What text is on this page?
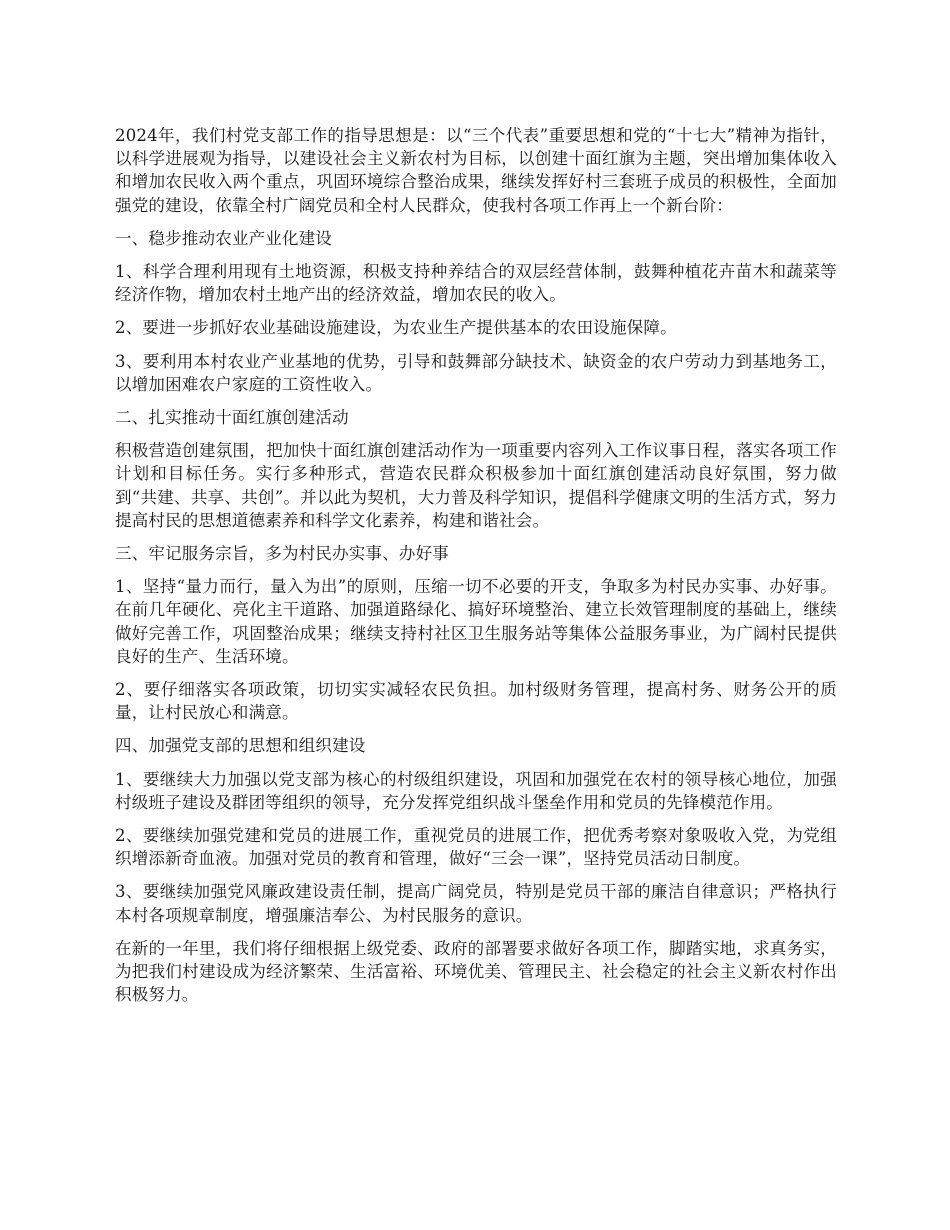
2024年，我们村党支部工作的指导思想是：以“三个代表”重要思想和党的“十七大”精神为指针，以科学进展观为指导，以建设社会主义新农村为目标，以创建十面红旗为主题，突出增加集体收入和增加农民收入两个重点，巩固环境综合整治成果，继续发挥好村三套班子成员的积极性，全面加强党的建设，依靠全村广阔党员和全村人民群众，使我村各项工作再上一个新台阶：

一、稳步推动农业产业化建设

1、科学合理利用现有土地资源，积极支持种养结合的双层经营体制，鼓舞种植花卉苗木和蔬菜等经济作物，增加农村土地产出的经济效益，增加农民的收入。

2、要进一步抓好农业基础设施建设，为农业生产提供基本的农田设施保障。

3、要利用本村农业产业基地的优势，引导和鼓舞部分缺技术、缺资金的农户劳动力到基地务工，以增加困难农户家庭的工资性收入。

二、扎实推动十面红旗创建活动

积极营造创建氛围，把加快十面红旗创建活动作为一项重要内容列入工作议事日程，落实各项工作计划和目标任务。实行多种形式，营造农民群众积极参加十面红旗创建活动良好氛围，努力做到“共建、共享、共创”。并以此为契机，大力普及科学知识，提倡科学健康文明的生活方式，努力提高村民的思想道德素养和科学文化素养，构建和谐社会。

三、牢记服务宗旨，多为村民办实事、办好事

1、坚持“量力而行，量入为出”的原则，压缩一切不必要的开支，争取多为村民办实事、办好事。在前几年硬化、亮化主干道路、加强道路绿化、搞好环境整治、建立长效管理制度的基础上，继续做好完善工作，巩固整治成果；继续支持村社区卫生服务站等集体公益服务事业，为广阔村民提供良好的生产、生活环境。

2、要仔细落实各项政策，切切实实减轻农民负担。加村级财务管理，提高村务、财务公开的质量，让村民放心和满意。

四、加强党支部的思想和组织建设

1、要继续大力加强以党支部为核心的村级组织建设，巩固和加强党在农村的领导核心地位，加强村级班子建设及群团等组织的领导，充分发挥党组织战斗堡垒作用和党员的先锋模范作用。

2、要继续加强党建和党员的进展工作，重视党员的进展工作，把优秀考察对象吸收入党，为党组织增添新奇血液。加强对党员的教育和管理，做好“三会一课”，坚持党员活动日制度。

3、要继续加强党风廉政建设责任制，提高广阔党员，特别是党员干部的廉洁自律意识；严格执行本村各项规章制度，增强廉洁奉公、为村民服务的意识。

在新的一年里，我们将仔细根据上级党委、政府的部署要求做好各项工作，脚踏实地，求真务实，为把我们村建设成为经济繁荣、生活富裕、环境优美、管理民主、社会稳定的社会主义新农村作出积极努力。
